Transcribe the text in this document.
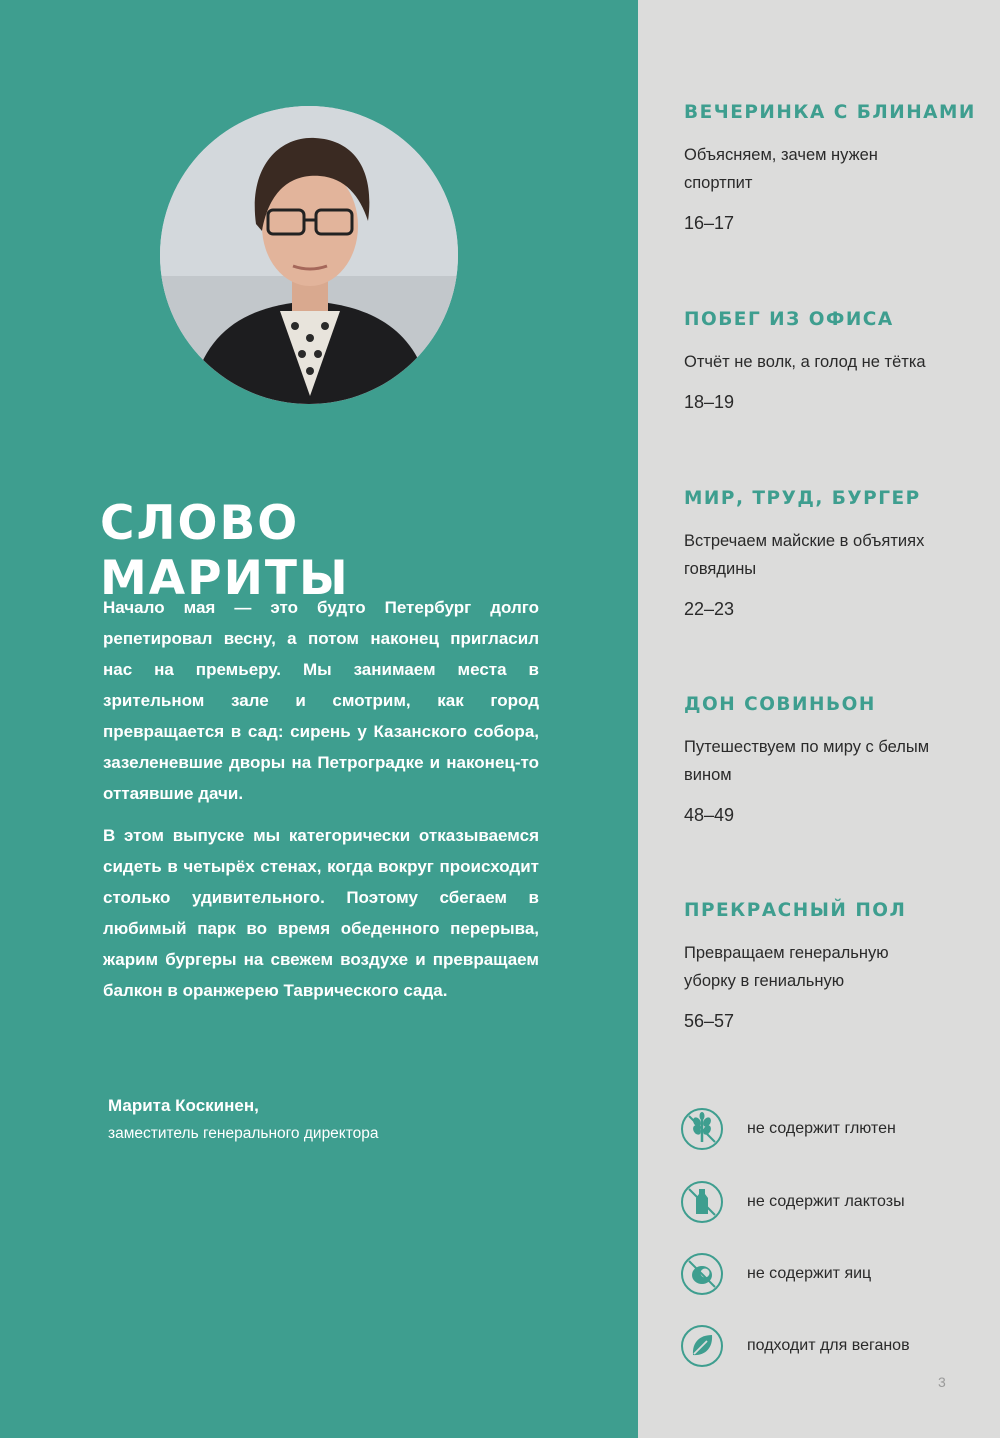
СЛОВО МАРИТЫ

Начало мая — это будто Петербург долго репетировал весну, а потом наконец пригласил нас на премьеру. Мы занимаем места в зрительном зале и смотрим, как город превращается в сад: сирень у Казанского собора, зазеленевшие дворы на Петроградке и наконец-то оттаявшие дачи.

В этом выпуске мы категорически отказываемся сидеть в четырёх стенах, когда вокруг происходит столько удивительного. Поэтому сбегаем в любимый парк во время обеденного перерыва, жарим бургеры на свежем воздухе и превращаем балкон в оранжерею Таврического сада.

Марита Коскинен,
заместитель генерального директора
ВЕЧЕРИНКА С БЛИНАМИ
Объясняем, зачем нужен спортпит
16–17
ПОБЕГ ИЗ ОФИСА
Отчёт не волк, а голод не тётка
18–19
МИР, ТРУД, БУРГЕР
Встречаем майские в объятиях говядины
22–23
ДОН СОВИНЬОН
Путешествуем по миру с белым вином
48–49
ПРЕКРАСНЫЙ ПОЛ
Превращаем генеральную уборку в гениальную
56–57
не содержит глютен
не содержит лактозы
не содержит яиц
подходит для веганов
3
